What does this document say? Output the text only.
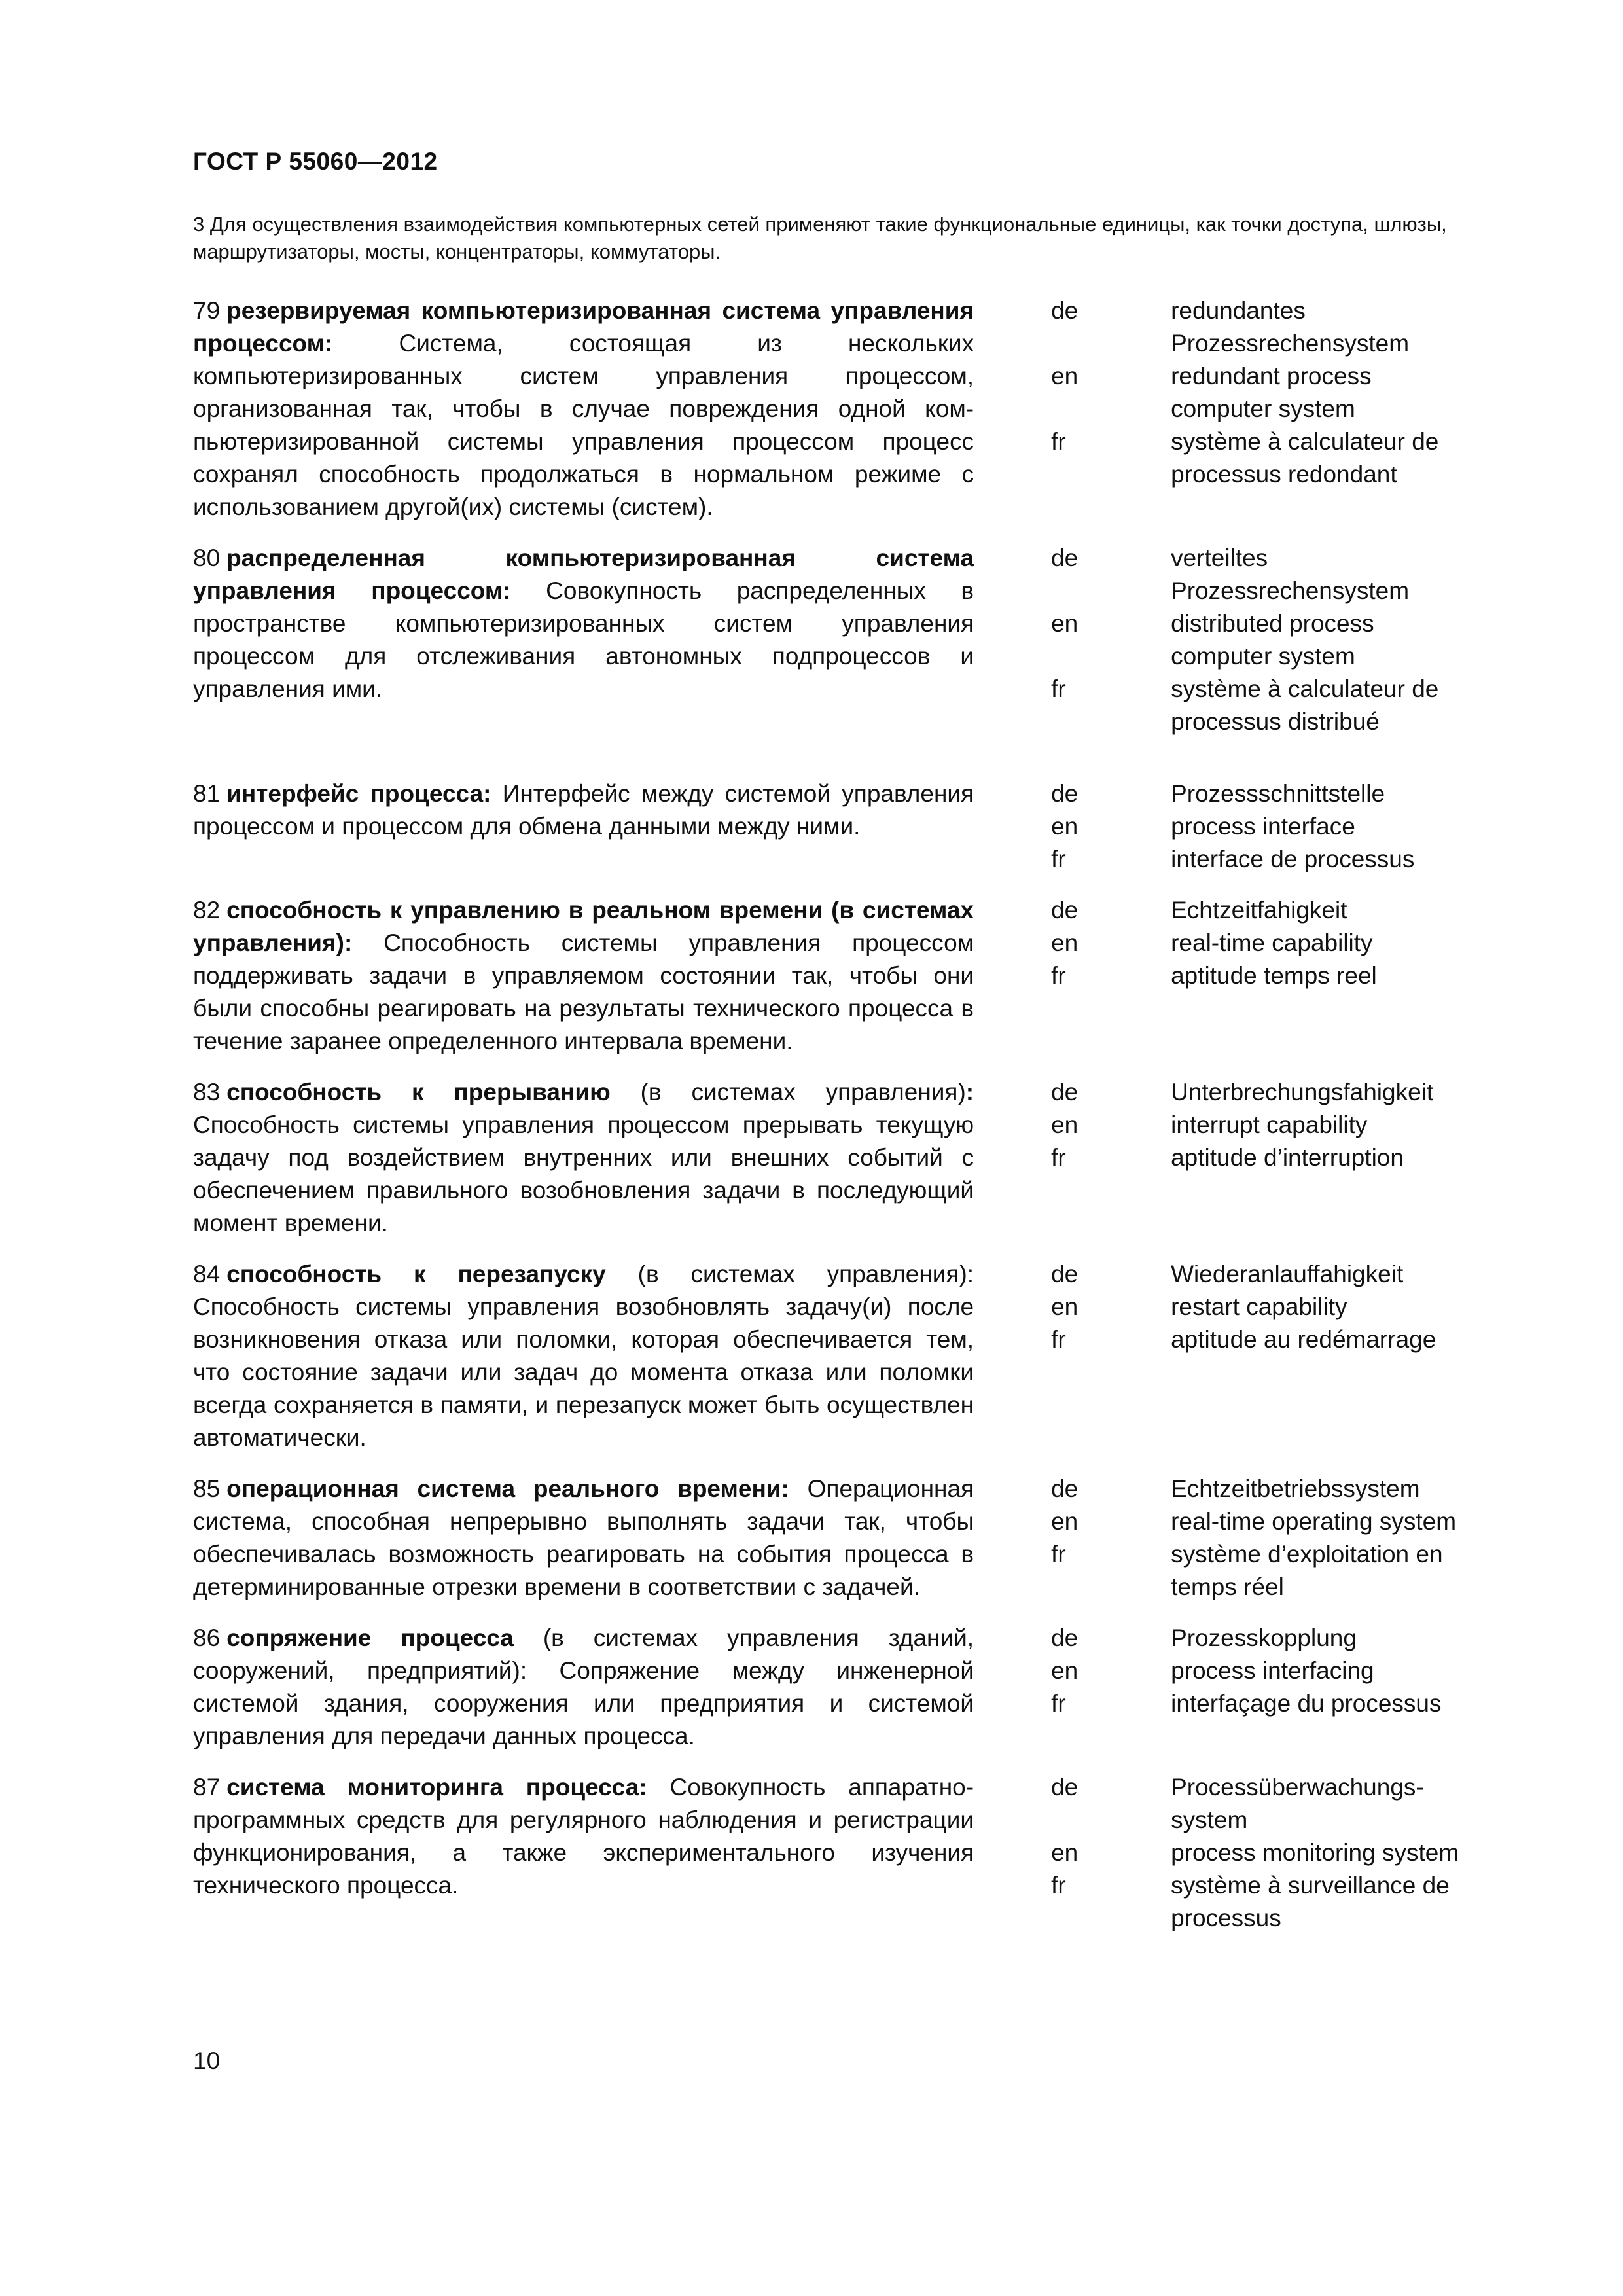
ГОСТ Р 55060—2012
3 Для осуществления взаимодействия компьютерных сетей применяют такие функциональные единицы, как точки доступа, шлюзы, маршрутизаторы, мосты, концентраторы, коммутаторы.
79 резервируемая компьютеризированная система управления процессом: Система, состоящая из нескольких компьютеризированных систем управления процессом, организованная так, чтобы в случае повреждения одной компьютеризированной системы управления процессом процесс сохранял способность продолжаться в нормальном режиме с использованием другой(их) системы (систем).
de	redundantes
Prozessrechensystem
en	redundant process
computer system
fr	système à calculateur de
processus redondant
80 распределенная компьютеризированная система управления процессом: Совокупность распределенных в пространстве компьютеризированных систем управления процессом для отслеживания автономных подпроцессов и управления ими.
de	verteiltes
Prozessrechensystem
en	distributed process
computer system
fr	système à calculateur de
processus distribué
81 интерфейс процесса: Интерфейс между системой управления процессом и процессом для обмена данными между ними.
de	Prozessschnittstelle
en	process interface
fr	interface de processus
82 способность к управлению в реальном времени (в системах управления): Способность системы управления процессом поддерживать задачи в управляемом состоянии так, чтобы они были способны реагировать на результаты технического процесса в течение заранее определенного интервала времени.
de	Echtzeitfahigkeit
en	real-time capability
fr	aptitude temps reel
83 способность к прерыванию (в системах управления): Способность системы управления процессом прерывать текущую задачу под воздействием внутренних или внешних событий с обеспечением правильного возобновления задачи в последующий момент времени.
de	Unterbrechungsfahigkeit
en	interrupt capability
fr	aptitude d’interruption
84 способность к перезапуску (в системах управления): Способность системы управления возобновлять задачу(и) после возникновения отказа или поломки, которая обеспечивается тем, что состояние задачи или задач до момента отказа или поломки всегда сохраняется в памяти, и перезапуск может быть осуществлен автоматически.
de	Wiederanlauffahigkeit
en	restart capability
fr	aptitude au redémarrage
85 операционная система реального времени: Операционная система, способная непрерывно выполнять задачи так, чтобы обеспечивалась возможность реагировать на события процесса в детерминированные отрезки времени в соответствии с задачей.
de	Echtzeitbetriebssystem
en	real-time operating system
fr	système d’exploitation en
temps réel
86 сопряжение процесса (в системах управления зданий, сооружений, предприятий): Сопряжение между инженерной системой здания, сооружения или предприятия и системой управления для передачи данных процесса.
de	Prozesskopplung
en	process interfacing
fr	interfaçage du processus
87 система мониторинга процесса: Совокупность аппаратно-программных средств для регулярного наблюдения и регистрации функционирования, а также экспериментального изучения технического процесса.
de	Processüberwachungs-
system
en	process monitoring system
fr	système à surveillance de
processus
10
